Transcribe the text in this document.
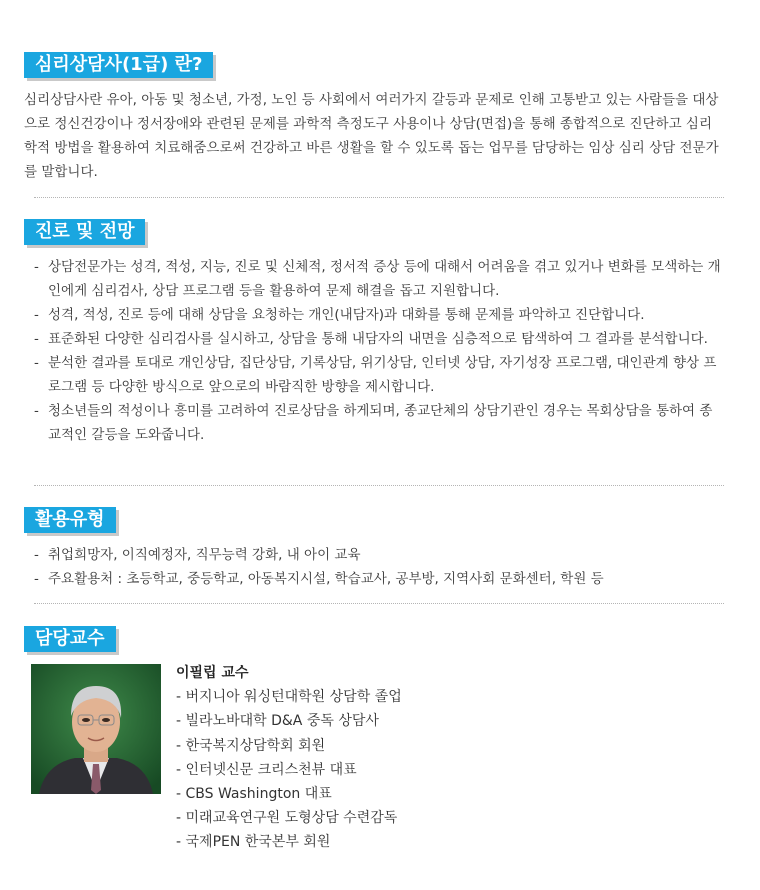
심리상담사(1급) 란?
심리상담사란 유아, 아동 및 청소년, 가정, 노인 등 사회에서 여러가지 갈등과 문제로 인해 고통받고 있는 사람들을 대상으로 정신건강이나 정서장애와 관련된 문제를 과학적 측정도구 사용이나 상담(면접)을 통해 종합적으로 진단하고 심리학적 방법을 활용하여 치료해줌으로써 건강하고 바른 생활을 할 수 있도록 돕는 업무를 담당하는 임상 심리 상담 전문가를 말합니다.
진로 및 전망
- 상담전문가는 성격, 적성, 지능, 진로 및 신체적, 정서적 증상 등에 대해서 어려움을 겪고 있거나 변화를 모색하는 개인에게 심리검사, 상담 프로그램 등을 활용하여 문제 해결을 돕고 지원합니다.
- 성격, 적성, 진로 등에 대해 상담을 요청하는 개인(내담자)과 대화를 통해 문제를 파악하고 진단합니다.
- 표준화된 다양한 심리검사를 실시하고, 상담을 통해 내담자의 내면을 심층적으로 탐색하여 그 결과를 분석합니다.
- 분석한 결과를 토대로 개인상담, 집단상담, 기록상담, 위기상담, 인터넷 상담, 자기성장 프로그램, 대인관계 향상 프로그램 등 다양한 방식으로 앞으로의 바람직한 방향을 제시합니다.
- 청소년들의 적성이나 흥미를 고려하여 진로상담을 하게되며, 종교단체의 상담기관인 경우는 목회상담을 통하여 종교적인 갈등을 도와줍니다.
활용유형
- 취업희망자, 이직예정자, 직무능력 강화, 내 아이 교육
- 주요활용처 : 초등학교, 중등학교, 아동복지시설, 학습교사, 공부방, 지역사회 문화센터, 학원 등
담당교수
이필립 교수
- 버지니아 워싱턴대학원 상담학 졸업
- 빌라노바대학 D&A 중독 상담사
- 한국복지상담학회 회원
- 인터넷신문 크리스천뷰 대표
- CBS Washington 대표
- 미래교육연구원 도형상담 수련감독
- 국제PEN 한국본부 회원
